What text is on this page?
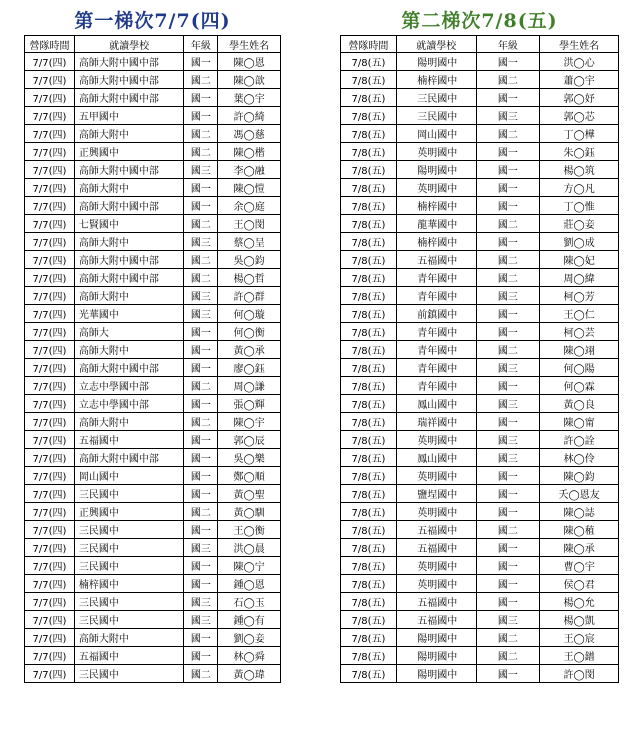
第一梯次7/7(四)
營隊時間	就讀學校	年級	學生姓名
7/7(四)	高師大附中國中部	國一	陳◯恩
7/7(四)	高師大附中國中部	國二	陳◯歆
7/7(四)	高師大附中國中部	國一	葉◯宇
7/7(四)	五甲國中	國一	許◯綺
7/7(四)	高師大附中	國二	馮◯慈
7/7(四)	正興國中	國二	陳◯楷
7/7(四)	高師大附中國中部	國三	李◯融
7/7(四)	高師大附中	國一	陳◯愷
7/7(四)	高師大附中國中部	國一	余◯庭
7/7(四)	七賢國中	國二	王◯閔
7/7(四)	高師大附中	國三	蔡◯呈
7/7(四)	高師大附中國中部	國二	吳◯鈞
7/7(四)	高師大附中國中部	國二	楊◯哲
7/7(四)	高師大附中	國三	許◯群
7/7(四)	光華國中	國三	何◯璇
7/7(四)	高師大	國一	何◯衡
7/7(四)	高師大附中	國一	黃◯承
7/7(四)	高師大附中國中部	國一	廖◯鈺
7/7(四)	立志中學國中部	國二	周◯謙
7/7(四)	立志中學國中部	國一	張◯輝
7/7(四)	高師大附中	國二	陳◯宇
7/7(四)	五福國中	國一	郭◯辰
7/7(四)	高師大附中國中部	國一	吳◯樂
7/7(四)	岡山國中	國一	鄭◯順
7/7(四)	三民國中	國一	黃◯聖
7/7(四)	正興國中	國二	黃◯馴
7/7(四)	三民國中	國一	王◯衡
7/7(四)	三民國中	國三	洪◯晨
7/7(四)	三民國中	國一	陳◯宁
7/7(四)	楠梓國中	國一	鍾◯恩
7/7(四)	三民國中	國三	石◯玉
7/7(四)	三民國中	國三	鍾◯有
7/7(四)	高師大附中	國一	劉◯妾
7/7(四)	五福國中	國一	林◯舜
7/7(四)	三民國中	國二	黃◯瑋
第二梯次7/8(五)
營隊時間	就讀學校	年級	學生姓名
7/8(五)	陽明國中	國一	洪◯心
7/8(五)	楠梓國中	國二	蕭◯宇
7/8(五)	三民國中	國一	郭◯妤
7/8(五)	三民國中	國三	郭◯芯
7/8(五)	岡山國中	國二	丁◯樺
7/8(五)	英明國中	國一	朱◯鈺
7/8(五)	陽明國中	國一	楊◯筑
7/8(五)	英明國中	國一	方◯凡
7/8(五)	楠梓國中	國一	丁◯惟
7/8(五)	龍華國中	國二	莊◯妾
7/8(五)	楠梓國中	國一	劉◯成
7/8(五)	五福國中	國二	陳◯妃
7/8(五)	青年國中	國二	周◯緯
7/8(五)	青年國中	國三	柯◯芳
7/8(五)	前鎮國中	國一	王◯仁
7/8(五)	青年國中	國一	柯◯芸
7/8(五)	青年國中	國二	陳◯翊
7/8(五)	青年國中	國三	何◯陽
7/8(五)	青年國中	國一	何◯霖
7/8(五)	鳳山國中	國三	黃◯良
7/8(五)	瑞祥國中	國一	陳◯甯
7/8(五)	英明國中	國三	許◯詮
7/8(五)	鳳山國中	國三	林◯伶
7/8(五)	英明國中	國一	陳◯鈞
7/8(五)	鹽埕國中	國一	夭◯恩友
7/8(五)	英明國中	國一	陳◯誌
7/8(五)	五福國中	國二	陳◯稙
7/8(五)	五福國中	國一	陳◯承
7/8(五)	英明國中	國一	曹◯宇
7/8(五)	英明國中	國一	侯◯君
7/8(五)	五福國中	國一	楊◯允
7/8(五)	五福國中	國三	楊◯凱
7/8(五)	陽明國中	國二	王◯宸
7/8(五)	陽明國中	國二	王◯鐠
7/8(五)	陽明國中	國一	許◯閔
